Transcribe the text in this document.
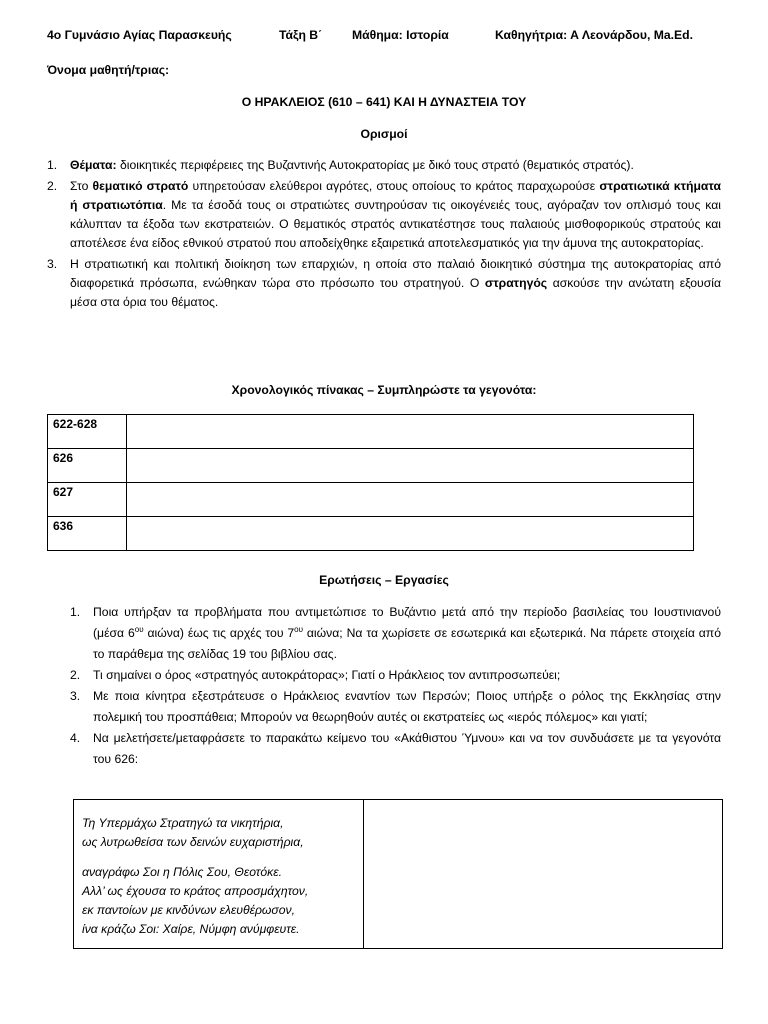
4ο Γυμνάσιο Αγίας Παρασκευής	Τάξη Β΄ Μάθημα: Ιστορία	Καθηγήτρια: Α Λεονάρδου, Ma.Ed.
Όνομα μαθητή/τριας:
Ο ΗΡΑΚΛΕΙΟΣ (610 – 641) ΚΑΙ Η ΔΥΝΑΣΤΕΙΑ ΤΟΥ
Ορισμοί
1. Θέματα: διοικητικές περιφέρειες της Βυζαντινής Αυτοκρατορίας με δικό τους στρατό (θεματικός στρατός).
2. Στο θεματικό στρατό υπηρετούσαν ελεύθεροι αγρότες, στους οποίους το κράτος παραχωρούσε στρατιωτικά κτήματα ή στρατιωτόπια. Με τα έσοδά τους οι στρατιώτες συντηρούσαν τις οικογένειές τους, αγόραζαν τον οπλισμό τους και κάλυπταν τα έξοδα των εκστρατειών. Ο θεματικός στρατός αντικατέστησε τους παλαιούς μισθοφορικούς στρατούς και αποτέλεσε ένα είδος εθνικού στρατού που αποδείχθηκε εξαιρετικά αποτελεσματικός για την άμυνα της αυτοκρατορίας.
3. Η στρατιωτική και πολιτική διοίκηση των επαρχιών, η οποία στο παλαιό διοικητικό σύστημα της αυτοκρατορίας από διαφορετικά πρόσωπα, ενώθηκαν τώρα στο πρόσωπο του στρατηγού. Ο στρατηγός ασκούσε την ανώτατη εξουσία μέσα στα όρια του θέματος.
Χρονολογικός πίνακας – Συμπληρώστε τα γεγονότα:
622-628	
626	
627	
636	
Ερωτήσεις – Εργασίες
1. Ποια υπήρξαν τα προβλήματα που αντιμετώπισε το Βυζάντιο μετά από την περίοδο βασιλείας του Ιουστινιανού (μέσα $6^{o\upsilon}$ αιώνα) έως τις αρχές του $7^{o\upsilon}$ αιώνα; Να τα χωρίσετε σε εσωτερικά και εξωτερικά. Να πάρετε στοιχεία από το παράθεμα της σελίδας 19 του βιβλίου σας.
2. Τι σημαίνει ο όρος «στρατηγός αυτοκράτορας»; Γιατί ο Ηράκλειος τον αντιπροσωπεύει;
3. Με ποια κίνητρα εξεστράτευσε ο Ηράκλειος εναντίον των Περσών; Ποιος υπήρξε ο ρόλος της Εκκλησίας στην πολεμική του προσπάθεια; Μπορούν να θεωρηθούν αυτές οι εκστρατείες ως «ιερός πόλεμος» και γιατί;
4. Να μελετήσετε/μεταφράσετε το παρακάτω κείμενο του «Ακάθιστου Ύμνου» και να τον συνδυάσετε με τα γεγονότα του 626:
Τη Υπερμάχω Στρατηγώ τα νικητήρια,
ως λυτρωθείσα των δεινών ευχαριστήρια,
αναγράφω Σοι η Πόλις Σου, Θεοτόκε.
Αλλ’ ως έχουσα το κράτος απροσμάχητον,
εκ παντοίων με κινδύνων ελευθέρωσον,
ίνα κράζω Σοι: Χαίρε, Νύμφη ανύμφευτε.
